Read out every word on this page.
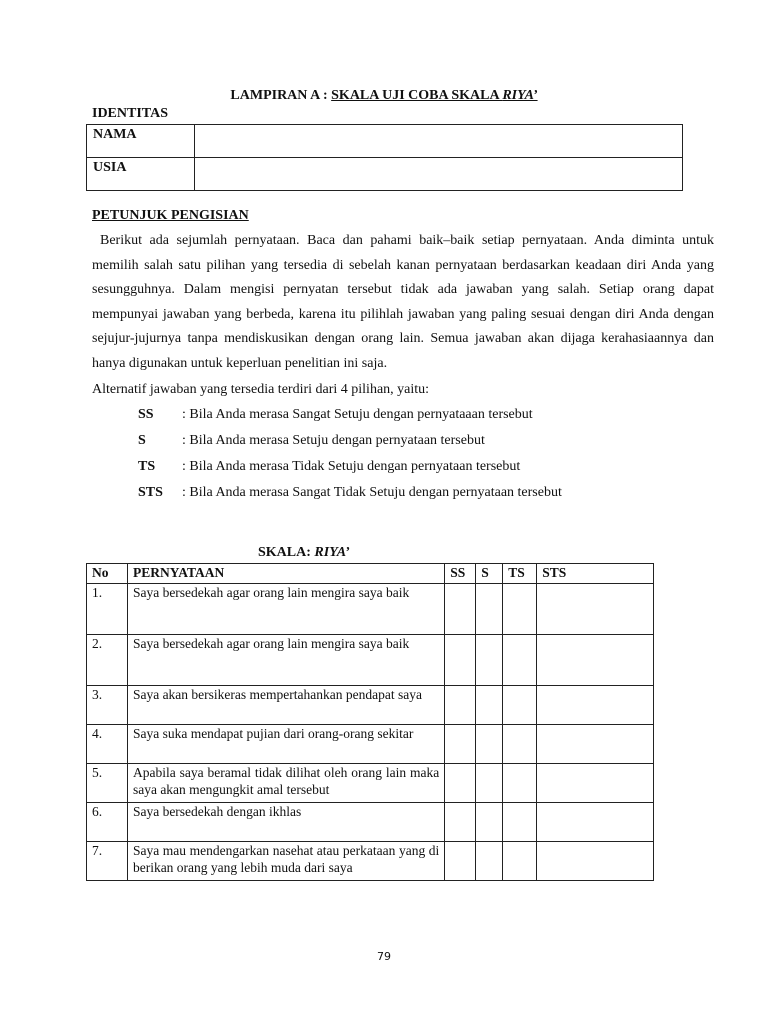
LAMPIRAN A : SKALA UJI COBA SKALA RIYA’
IDENTITAS
NAMA	
USIA	
PETUNJUK PENGISIAN

Berikut ada sejumlah pernyataan. Baca dan pahami baik–baik setiap pernyataan. Anda diminta untuk memilih salah satu pilihan yang tersedia di sebelah kanan pernyataan berdasarkan keadaan diri Anda yang sesungguhnya. Dalam mengisi pernyatan tersebut tidak ada jawaban yang salah. Setiap orang dapat mempunyai jawaban yang berbeda, karena itu pilihlah jawaban yang paling sesuai dengan diri Anda dengan sejujur-jujurnya tanpa mendiskusikan dengan orang lain. Semua jawaban akan dijaga kerahasiaannya dan hanya digunakan untuk keperluan penelitian ini saja.

Alternatif jawaban yang tersedia terdiri dari 4 pilihan, yaitu:
SS : Bila Anda merasa Sangat Setuju dengan pernyataaan tersebut
S	: Bila Anda merasa Setuju dengan pernyataan tersebut
TS : Bila Anda merasa Tidak Setuju dengan pernyataan tersebut
STS : Bila Anda merasa Sangat Tidak Setuju dengan pernyataan tersebut
SKALA: RIYA’
No	PERNYATAAN	SS	S	TS	STS
1.	Saya bersedekah agar orang lain mengira saya baik				
2.	Saya bersedekah agar orang lain mengira saya baik				
3.	Saya akan bersikeras mempertahankan pendapat saya				
4.	Saya suka mendapat pujian dari orang-orang sekitar				
5.	Apabila saya beramal tidak dilihat oleh orang lain maka saya akan mengungkit amal tersebut				
6.	Saya bersedekah dengan ikhlas				
7.	Saya mau mendengarkan nasehat atau perkataan yang di berikan orang yang lebih muda dari saya				
79
